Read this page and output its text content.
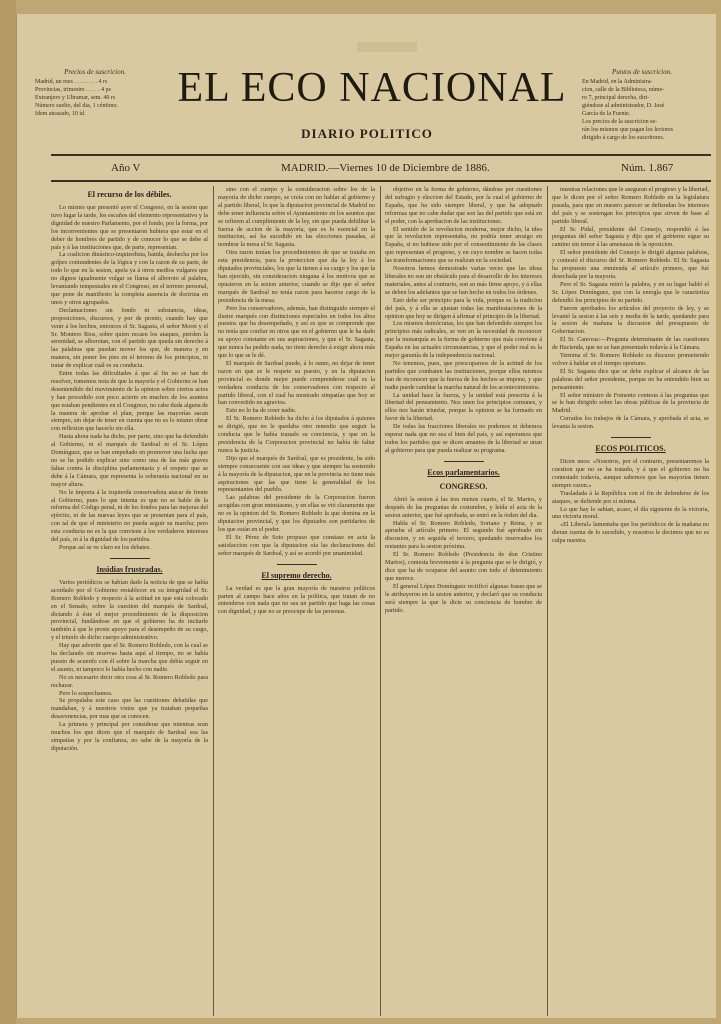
Precios de suscricion.
Madrid, un mes . . . . . . . . 4 rs
Provincias, trimestre . . . . . 4 ps
Extranjero y Ultramar, sem. 40 rs
Número suelto, del dia, 1 céntimo.
Idem atrasado, 10 íd.
EL ECO NACIONAL
DIARIO POLITICO
Puntos de suscricion.
En Madrid, en la Administra-
cion, calle de la Biblioteca, núme-
ro 7, principal derecha, diri-
giéndose al administrador, D. José
García de la Fuente.
Los precios de la suscricion se-
rán los mismos que pagan los lectores
dirigido á cargo de los suscritores.
Año V	MADRID.—Viernes 10 de Diciembre de 1886.	Núm. 1.867
El recurso de los débiles.
Lo mismo que presentó ayer el Congreso, en la sesion que tuvo lugar la tarde, los escaños del elemento representativo y la dignidad de nuestro Parlamento, por el fondo, por la forma, por los inconvenientes que se presentaron hubiera que estar en el deber de hombres de partido y de conocer lo que se debe al país y á las instituciones que, de parte, representan.
La coalicion dinástico-izquierdista, batida, deshecha por los golpes contundentes de la lógica y con la razon de su parte, de todo lo que en la sesion, apela ya á otros medios vulgares que no dignos igualmente vulgar se llama el alboroto al palabra, levantando tempestades en el Congreso, en el terreno personal, que pone de manifiesto la completa ausencia de doctrina en unos y otros agrupados.
Declamaciones sin fondo ni substancia, ideas, proposiciones, discursos, y por de pronto, cuando hay que venir á los hechos, entonces el Sr. Sagasta, el señor Moret y el Sr. Montero Rios, sobre quien recaen los ataques, pierden la serenidad, se alborotan, con el partido que queda sin derecho á las palabras que puedan mover los que, de manera y en manera, sin poner los pies en el terreno de los principios, ni tratar de explicar cuál es su conducta.
Entre todas las dificultades á que al fin no se han de resolver, tomemos nota de que la mayoría y el Gobierno se han desentendido del movimiento de la opinion sobre ciertos actos y han procedido con poco acierto en muchos de los asuntos que estaban pendientes en el Congreso, no cabe duda alguna de la manera de aprobar el plan, porque las mayorías sacan siempre, sin dejar de tener en cuenta que no es lo mismo obrar con reflexion que hacerlo sin ella.
Hasta ahora nada ha dicho, por parte, sino que ha defendido al Gobierno, ni el marqués de Sardoal ni el Sr. López Domínguez, que se han empeñado en promover una lucha que no se ha podido explicar sino como una de las más graves faltas contra la disciplina parlamentaria y el respeto que se debe á la Cámara, que representa la soberanía nacional en su mayor altura.
No le importa á la izquierda conservadora atacar de frente al Gobierno, pues lo que intenta es que no se hable de la reforma del Código penal, ni de los fondos para las mejoras del ejército, ni de las nuevas leyes que se presentan para el país, con tal de que el ministerio no pueda seguir su marcha; pero esta conducta no es la que conviene á los verdaderos intereses del país, ni á la dignidad de los partidos.
Porque así se ve claro en los debates.
Insidias frustradas.
Varios periódicos se habían dado la noticia de que se había acordado por el Gobierno restablecer en su integridad el Sr. Romero Robledo y respecto á la actitud en que está colocado en el Senado, sobre la cuestion del marqués de Sardoal, dictando á éste el mejor procedimiento de la disposicion provincial, fundándose en que el gobierno ha de incitarle también á que le preste apoyo para el desempeño de su cargo, y el triunfo de dicho cuerpo administrativo.
Hay que advertir que el Sr. Romero Robledo, con la cual se ha declarado sin reservas hasta aquí al tiempo, no se había puesto de acuerdo con él sobre la marcha que debía seguir en el asunto, ni tampoco lo había hecho con nadie.
No es necesario decir otra cosa al Sr. Romero Robledo para rechazar.
Pero lo sospechamos.
Se propalaba este caso que las cuestiones debatidas que mandaban, y á nuestros vistos que ya trataban pequeñas desavenencias, por mas que se conocen.
La primera y principal por considerar que mientras eran muchos los que dicen que el marqués de Sardoal sea las simpatías y por la confianza, no sabe de la mayoría de la diputación.
sino con el cuerpo y la consideracion sobre los de la mayoría de dicho cuerpo, se creía con no hablar al gobierno y al partido liberal, lo que la diputacion provincial de Madrid no debe tener influencia sobre el Ayuntamiento en los asuntos que se refieren al cumplimiento de la ley, sin que pueda debilitar la fuerza de accion de la mayoría, que es lo esencial en la institucion, así ha sucedido en las elecciones pasadas, al nombrar la mesa el Sr. Sagasta.
Otra razon tenían los procedimientos de que se trataba en esta presidencia, para la proteccion que da la ley á los diputados provinciales, los que la tienen á su cargo y los que la han ejercido, sin consideracion ninguna á los motivos que se opusieron en la sesion anterior, cuando se dijo que el señor marqués de Sardoal no tenía razon para hacerse cargo de la presidencia de la mesa.
Pero los conservadores, además, han distinguido siempre el ilustre marqués con distinciones especiales en todos los altos puestos que ha desempeñado, y así es que se comprende que no tenía que confiar en otros que en el gobierno que le ha dado su apoyo constante en sus aspiraciones, y que el Sr. Sagasta, que nunca ha pedido nada, no tiene derecho á exigir ahora más que lo que se le dé.
El marqués de Sardoal puede, á lo sumo, no dejar de tener razon en que se le respete su puesto, y en la diputacion provincial es donde mejor puede comprenderse cuál es la verdadera conducta de los conservadores con respecto al partido liberal, con el cual ha mostrado simpatías que hoy se han convertido en agravios.
Esto no lo ha de creer nadie.
El Sr. Romero Robledo ha dicho á los diputados á quienes se dirigió, que no le quedaba otro remedio que seguir la conducta que le había trazado su conciencia, y que en la presidencia de la Corporacion provincial no había de faltar nunca la justicia.
Dijo que el marqués de Sardoal, que es presidente, ha sido siempre consecuente con sus ideas y que siempre ha sostenido á la mayoría de la diputacion, que en la provincia no tiene más aspiraciones que las que tiene la generalidad de los representantes del pueblo.
Las palabras del presidente de la Corporacion fueron acogidas con gran entusiasmo, y en ellas se vió claramente que no es la opinion del Sr. Romero Robledo la que domina en la diputacion provincial, y que los diputados son partidarios de los que están en el poder.
El Sr. Pérez de Soto propuso que constase en acta la satisfaccion con que la diputacion oía las declaraciones del señor marqués de Sardoal, y así se acordó por unanimidad.
El supremo derecho.
La verdad es que la gran mayoría de nuestros políticos parten al campo hace años en la política, que tratan de no entenderse con nada que no sea un partido que haga las cosas con dignidad, y que no se preocupe de las personas.
objetivo en la forma de gobierno, dándose por cuestiones del sufragio y eleccion del Estado, por la cual el gobierno de España, que ha sido siempre liberal, y que ha adoptado reformas que no cabe dudar que son las del partido que está en el poder, con la aprobacion de las instituciones.
El sentido de la revolucion moderna, mejor dicho, la idea que la revolucion representaba, no podría tener arraigo en España, si no hubiese sido por el consentimiento de las clases que representan el progreso, y en cuyo nombre se hacen todas las transformaciones que se realizan en la sociedad.
Nosotros hemos demostrado varias veces que las ideas liberales no son un obstáculo para el desarrollo de los intereses materiales, antes al contrario, son su más firme apoyo, y á ellas se deben los adelantos que se han hecho en todos los órdenes.
Esto debe ser principio para la vida, porque es la tradicion del país, y á ella se ajustan todas las manifestaciones de la opinion que hoy se dirigen á afirmar el principio de la libertad.
Los mismos demócratas, los que han defendido siempre los principios más radicales, se ven en la necesidad de reconocer que la monarquía es la forma de gobierno que más conviene á España en las actuales circunstancias, y que el poder real es la mejor garantía de la independencia nacional.
No tenemos, pues, que preocuparnos de la actitud de los partidos que combaten las instituciones, porque ellos mismos han de reconocer que la fuerza de los hechos se impone, y que nadie puede cambiar la marcha natural de los acontecimientos.
La unidad hace la fuerza, y la unidad está prescrita á la libertad del pensamiento. Nos unen los principios comunes, y ellos nos harán triunfar, porque la opinion se ha formado en favor de la libertad.
De todas las fracciones liberales no podemos ni debemos esperar nada que no sea el bien del país, y así esperamos que todos los partidos que se dicen amantes de la libertad se unan al gobierno para que pueda realizar su programa.
Ecos parlamentarios.
CONGRESO.
Abrió la sesion á las tres menos cuarto, el Sr. Martos, y después de las preguntas de costumbre, y leída el acta de la sesion anterior, que fué aprobada, se entró en la órden del dia.
Habla el Sr. Romero Robledo, Soriano y Reina, y se aprueba el artículo primero. El segundo fué aprobado sin discusion, y en seguida el tercero, quedando reservados los restantes para la sesion próxima.
El Sr. Romero Robledo (Presidencia de don Cristino Martos), contesta brevemente á la pregunta que se le dirigió, y dice que ha de ocuparse del asunto con todo el detenimiento que merece.
El general López Domínguez rectificó algunas frases que se le atribuyeron en la sesion anterior, y declaró que su conducta será siempre la que le dicte su conciencia de hombre de partido.
nuestras relaciones que le aseguran el progreso y la libertad, que le dicen por el señor Romero Robledo en la legislatura pasada, para que en nuestro parecer se defiendan los intereses del país y se sostengan los principios que sirven de base al partido liberal.
El Sr. Pidal, presidente del Consejo, respondió á las preguntas del señor Sagasta y dijo que el gobierno sigue su camino sin temor á las amenazas de la oposicion.
El señor presidente del Consejo le dirigió algunas palabras, y contestó el discurso del Sr. Romero Robledo. El Sr. Sagasta ha propuesto una enmienda al artículo primero, que fué desechada por la mayoría.
Pero el Sr. Sagasta retiró la palabra, y en su lugar habló el Sr. López Domínguez, que con la energía que le caracteriza defendió los principios de su partido.
Fueron aprobados los artículos del proyecto de ley, y se levantó la sesion á las seis y media de la tarde, quedando para la sesion de mañana la discusion del presupuesto de Gobernacion.
El Sr. Canovas:—Pregunta determinante de las cuestiones de Hacienda, que no se han presentado todavía á la Cámara.
Termina el Sr. Romero Robledo su discurso prometiendo volver á hablar en el tiempo oportuno.
El Sr. Sagasta dice que se debe explicar el alcance de las palabras del señor presidente, porque no ha entendido bien su pensamiento.
El señor ministro de Fomento contesta á las preguntas que se le han dirigido sobre las obras públicas de la provincia de Madrid.
Cerrados los trabajos de la Cámara, y aprobada el acta, se levanta la sesion.
ECOS POLITICOS.
Dicen unos: «Nosotros, por el contrario, presentaremos la cuestion que no se ha tratado, y á que el gobierno no ha contestado todavía, aunque sabemos que las mayorías tienen siempre razon.»
Trasladada á la República con el fin de defenderse de los ataques, se defiende por sí misma.
Lo que hay lo sabían, acaso, el día siguiente de la victoria, una victoria moral.
«El Liberal» lamentaba que los periódicos de la mañana no dieran cuenta de lo sucedido, y nosotros le decimos que no es culpa nuestra.
